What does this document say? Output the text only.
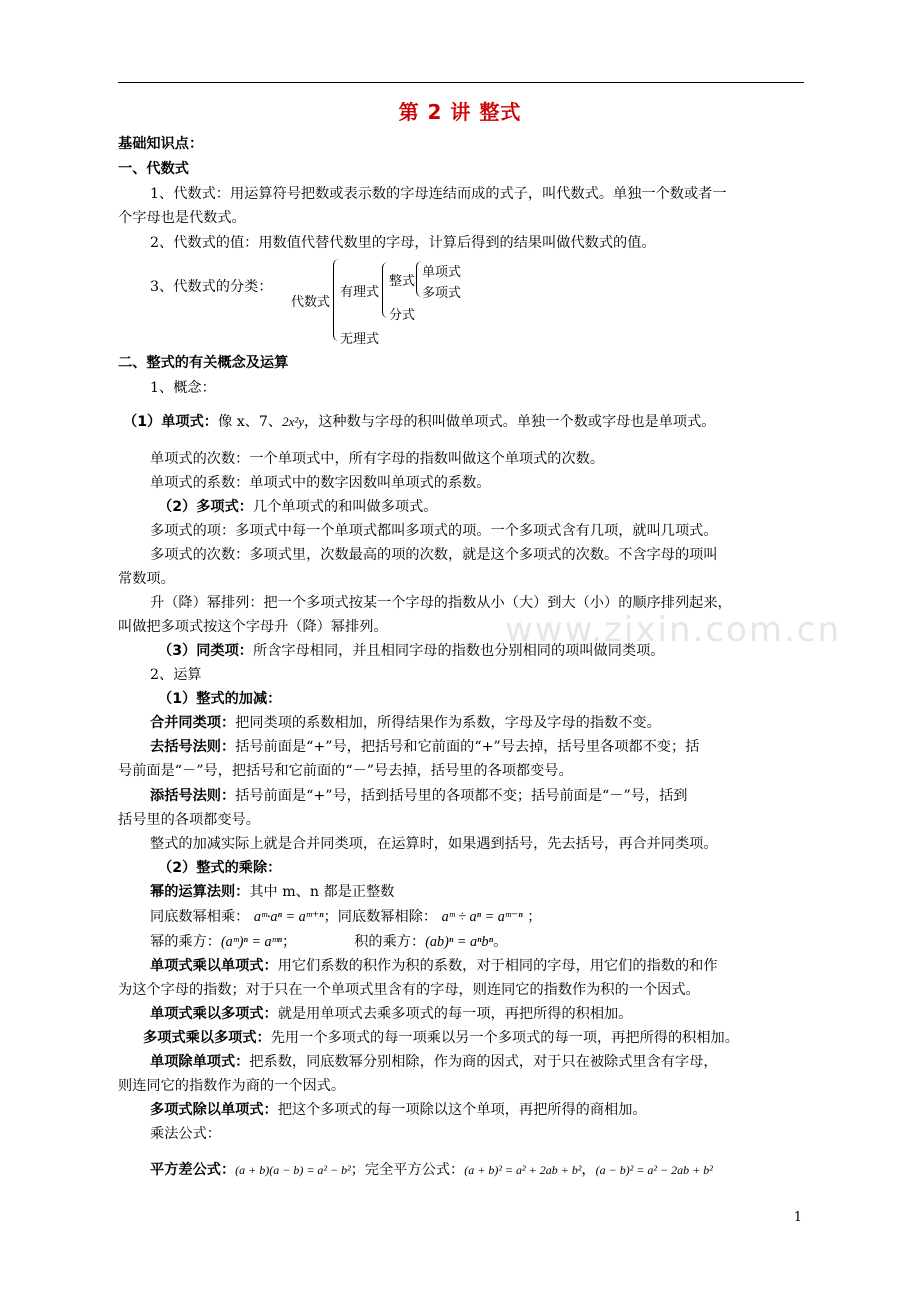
www.zixin.com.cn
第 2 讲 整式
基础知识点：
一、代数式
1、代数式：用运算符号把数或表示数的字母连结而成的式子，叫代数式。单独一个数或者一
个字母也是代数式。
2、代数式的值：用数值代替代数里的字母，计算后得到的结果叫做代数式的值。
3、代数式的分类：
代数式
有理式
无理式
整式
分式
单项式
多项式
二、整式的有关概念及运算
1、概念：
（1）单项式：像 x、7、2x²y，这种数与字母的积叫做单项式。单独一个数或字母也是单项式。
单项式的次数：一个单项式中，所有字母的指数叫做这个单项式的次数。
单项式的系数：单项式中的数字因数叫单项式的系数。
（2）多项式：几个单项式的和叫做多项式。
多项式的项：多项式中每一个单项式都叫多项式的项。一个多项式含有几项，就叫几项式。
多项式的次数：多项式里，次数最高的项的次数，就是这个多项式的次数。不含字母的项叫
常数项。
升（降）幂排列：把一个多项式按某一个字母的指数从小（大）到大（小）的顺序排列起来，
叫做把多项式按这个字母升（降）幂排列。
（3）同类项：所含字母相同，并且相同字母的指数也分别相同的项叫做同类项。
2、运算
（1）整式的加减：
合并同类项：把同类项的系数相加，所得结果作为系数，字母及字母的指数不变。
去括号法则：括号前面是“+”号，把括号和它前面的“+”号去掉，括号里各项都不变；括
号前面是“－”号，把括号和它前面的“－”号去掉，括号里的各项都变号。
添括号法则：括号前面是“+”号，括到括号里的各项都不变；括号前面是“－”号，括到
括号里的各项都变号。
整式的加减实际上就是合并同类项，在运算时，如果遇到括号，先去括号，再合并同类项。
（2）整式的乘除：
幂的运算法则：其中 m、n 都是正整数
同底数幂相乘： aᵐ·aⁿ = aᵐ⁺ⁿ；同底数幂相除： aᵐ ÷ aⁿ = aᵐ⁻ⁿ ；
幂的乘方：(aᵐ)ⁿ = aᵐⁿ；	积的乘方：(ab)ⁿ = aⁿbⁿ。
单项式乘以单项式：用它们系数的积作为积的系数，对于相同的字母，用它们的指数的和作
为这个字母的指数；对于只在一个单项式里含有的字母，则连同它的指数作为积的一个因式。
单项式乘以多项式：就是用单项式去乘多项式的每一项，再把所得的积相加。
多项式乘以多项式：先用一个多项式的每一项乘以另一个多项式的每一项，再把所得的积相加。
单项除单项式：把系数，同底数幂分别相除，作为商的因式，对于只在被除式里含有字母，
则连同它的指数作为商的一个因式。
多项式除以单项式：把这个多项式的每一项除以这个单项，再把所得的商相加。
乘法公式：
平方差公式：(a + b)(a − b) = a² − b²；完全平方公式：(a + b)² = a² + 2ab + b²，(a − b)² = a² − 2ab + b²
1
